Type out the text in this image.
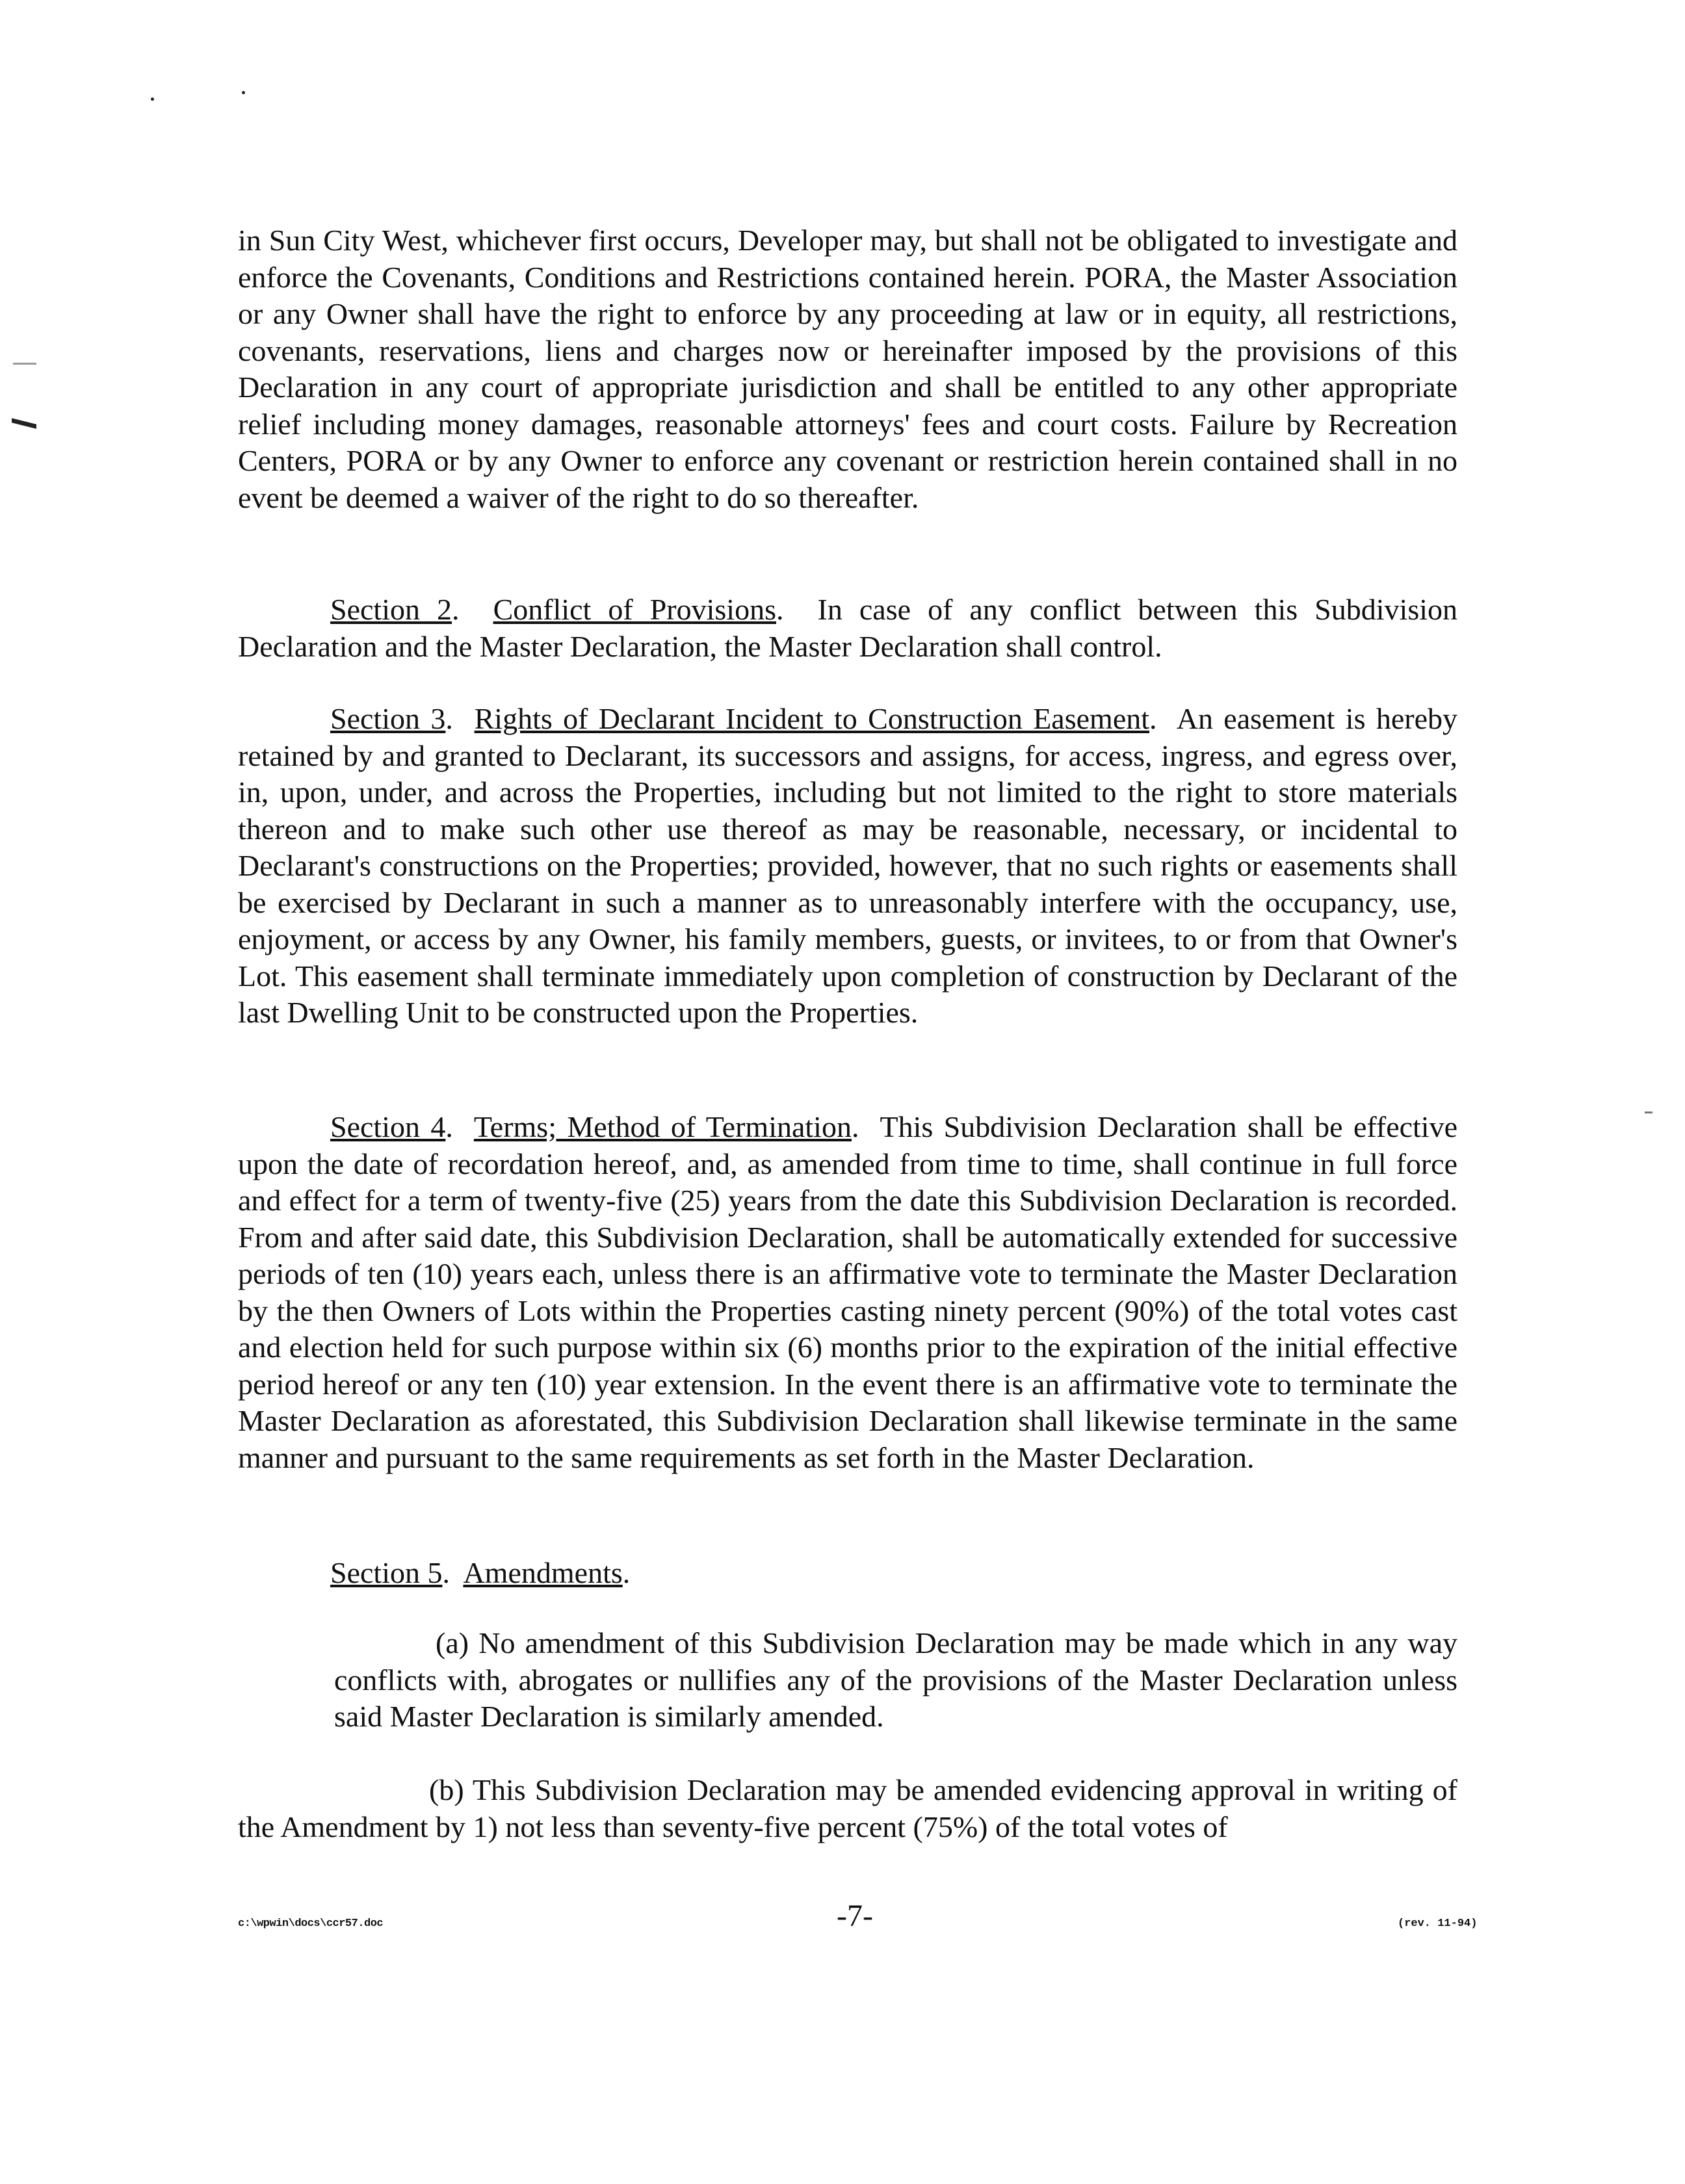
in Sun City West, whichever first occurs, Developer may, but shall not be obligated to investigate and enforce the Covenants, Conditions and Restrictions contained herein. PORA, the Master Association or any Owner shall have the right to enforce by any proceeding at law or in equity, all restrictions, covenants, reservations, liens and charges now or hereinafter imposed by the provisions of this Declaration in any court of appropriate jurisdiction and shall be entitled to any other appropriate relief including money damages, reasonable attorneys' fees and court costs. Failure by Recreation Centers, PORA or by any Owner to enforce any covenant or restriction herein contained shall in no event be deemed a waiver of the right to do so thereafter.
Section 2.  Conflict of Provisions.  In case of any conflict between this Subdivision Declaration and the Master Declaration, the Master Declaration shall control.
Section 3.  Rights of Declarant Incident to Construction Easement.  An easement is hereby retained by and granted to Declarant, its successors and assigns, for access, ingress, and egress over, in, upon, under, and across the Properties, including but not limited to the right to store materials thereon and to make such other use thereof as may be reasonable, necessary, or incidental to Declarant's constructions on the Properties; provided, however, that no such rights or easements shall be exercised by Declarant in such a manner as to unreasonably interfere with the occupancy, use, enjoyment, or access by any Owner, his family members, guests, or invitees, to or from that Owner's Lot. This easement shall terminate immediately upon completion of construction by Declarant of the last Dwelling Unit to be constructed upon the Properties.
Section 4.  Terms; Method of Termination.  This Subdivision Declaration shall be effective upon the date of recordation hereof, and, as amended from time to time, shall continue in full force and effect for a term of twenty-five (25) years from the date this Subdivision Declaration is recorded. From and after said date, this Subdivision Declaration, shall be automatically extended for successive periods of ten (10) years each, unless there is an affirmative vote to terminate the Master Declaration by the then Owners of Lots within the Properties casting ninety percent (90%) of the total votes cast and election held for such purpose within six (6) months prior to the expiration of the initial effective period hereof or any ten (10) year extension. In the event there is an affirmative vote to terminate the Master Declaration as aforestated, this Subdivision Declaration shall likewise terminate in the same manner and pursuant to the same requirements as set forth in the Master Declaration.
Section 5.  Amendments.
(a) No amendment of this Subdivision Declaration may be made which in any way conflicts with, abrogates or nullifies any of the provisions of the Master Declaration unless said Master Declaration is similarly amended.
(b) This Subdivision Declaration may be amended evidencing approval in writing of the Amendment by 1) not less than seventy-five percent (75%) of the total votes of
c:\wpwin\docs\ccr57.doc	-7-	(rev. 11-94)
